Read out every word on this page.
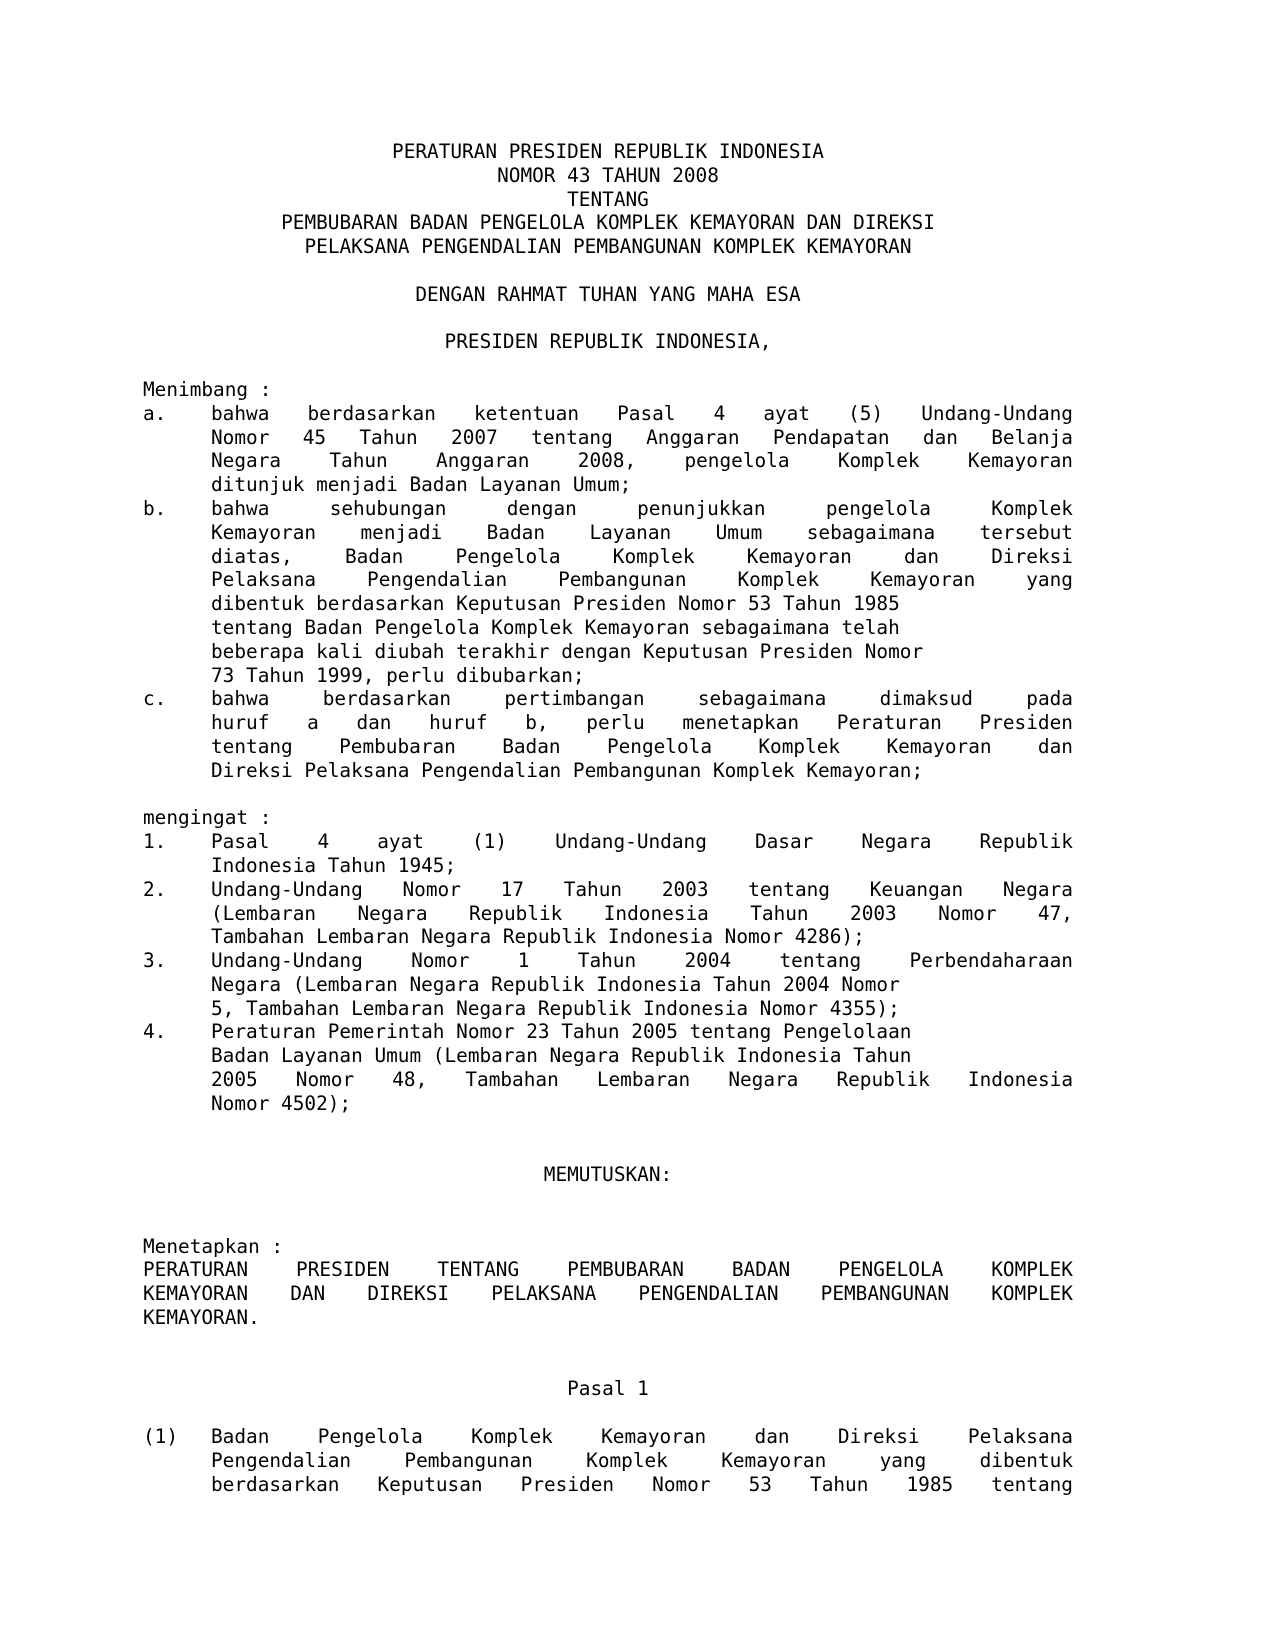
PERATURAN PRESIDEN REPUBLIK INDONESIA
NOMOR 43 TAHUN 2008
TENTANG
PEMBUBARAN BADAN PENGELOLA KOMPLEK KEMAYORAN DAN DIREKSI
PELAKSANA PENGENDALIAN PEMBANGUNAN KOMPLEK KEMAYORAN
DENGAN RAHMAT TUHAN YANG MAHA ESA
PRESIDEN REPUBLIK INDONESIA,
Menimbang :
a.	bahwa berdasarkan ketentuan Pasal 4 ayat (5) Undang-Undang
Nomor 45 Tahun 2007 tentang Anggaran Pendapatan dan Belanja
Negara Tahun Anggaran 2008, pengelola Komplek Kemayoran
ditunjuk menjadi Badan Layanan Umum;
b.	bahwa	sehubungan	dengan	penunjukkan	pengelola	Komplek
Kemayoran menjadi Badan Layanan Umum sebagaimana tersebut
diatas,	Badan	Pengelola	Komplek	Kemayoran	dan	Direksi
Pelaksana	Pengendalian	Pembangunan	Komplek	Kemayoran	yang
dibentuk berdasarkan Keputusan Presiden Nomor 53 Tahun 1985
tentang Badan Pengelola Komplek Kemayoran sebagaimana telah
beberapa kali diubah terakhir dengan Keputusan Presiden Nomor
73 Tahun 1999, perlu dibubarkan;
c.	bahwa	berdasarkan	pertimbangan	sebagaimana	dimaksud	pada
huruf a dan huruf b, perlu menetapkan Peraturan Presiden
tentang Pembubaran Badan Pengelola Komplek Kemayoran dan
Direksi Pelaksana Pengendalian Pembangunan Komplek Kemayoran;
mengingat :
1.	Pasal 4 ayat (1) Undang-Undang Dasar Negara Republik
Indonesia Tahun 1945;
2.	Undang-Undang Nomor 17 Tahun 2003 tentang Keuangan Negara
(Lembaran Negara Republik Indonesia Tahun 2003 Nomor 47,
Tambahan Lembaran Negara Republik Indonesia Nomor 4286);
3.	Undang-Undang Nomor 1 Tahun 2004 tentang Perbendaharaan
Negara (Lembaran Negara Republik Indonesia Tahun 2004 Nomor
5, Tambahan Lembaran Negara Republik Indonesia Nomor 4355);
4.	Peraturan Pemerintah Nomor 23 Tahun 2005 tentang Pengelolaan
Badan Layanan Umum (Lembaran Negara Republik Indonesia Tahun
2005 Nomor 48, Tambahan Lembaran Negara Republik Indonesia
Nomor 4502);
MEMUTUSKAN:
Menetapkan :
PERATURAN PRESIDEN TENTANG PEMBUBARAN BADAN PENGELOLA KOMPLEK
KEMAYORAN DAN DIREKSI PELAKSANA PENGENDALIAN PEMBANGUNAN KOMPLEK
KEMAYORAN.
Pasal 1
(1)	Badan Pengelola Komplek Kemayoran dan Direksi Pelaksana
Pengendalian	Pembangunan	Komplek	Kemayoran	yang	dibentuk
berdasarkan Keputusan Presiden Nomor 53 Tahun 1985 tentang
